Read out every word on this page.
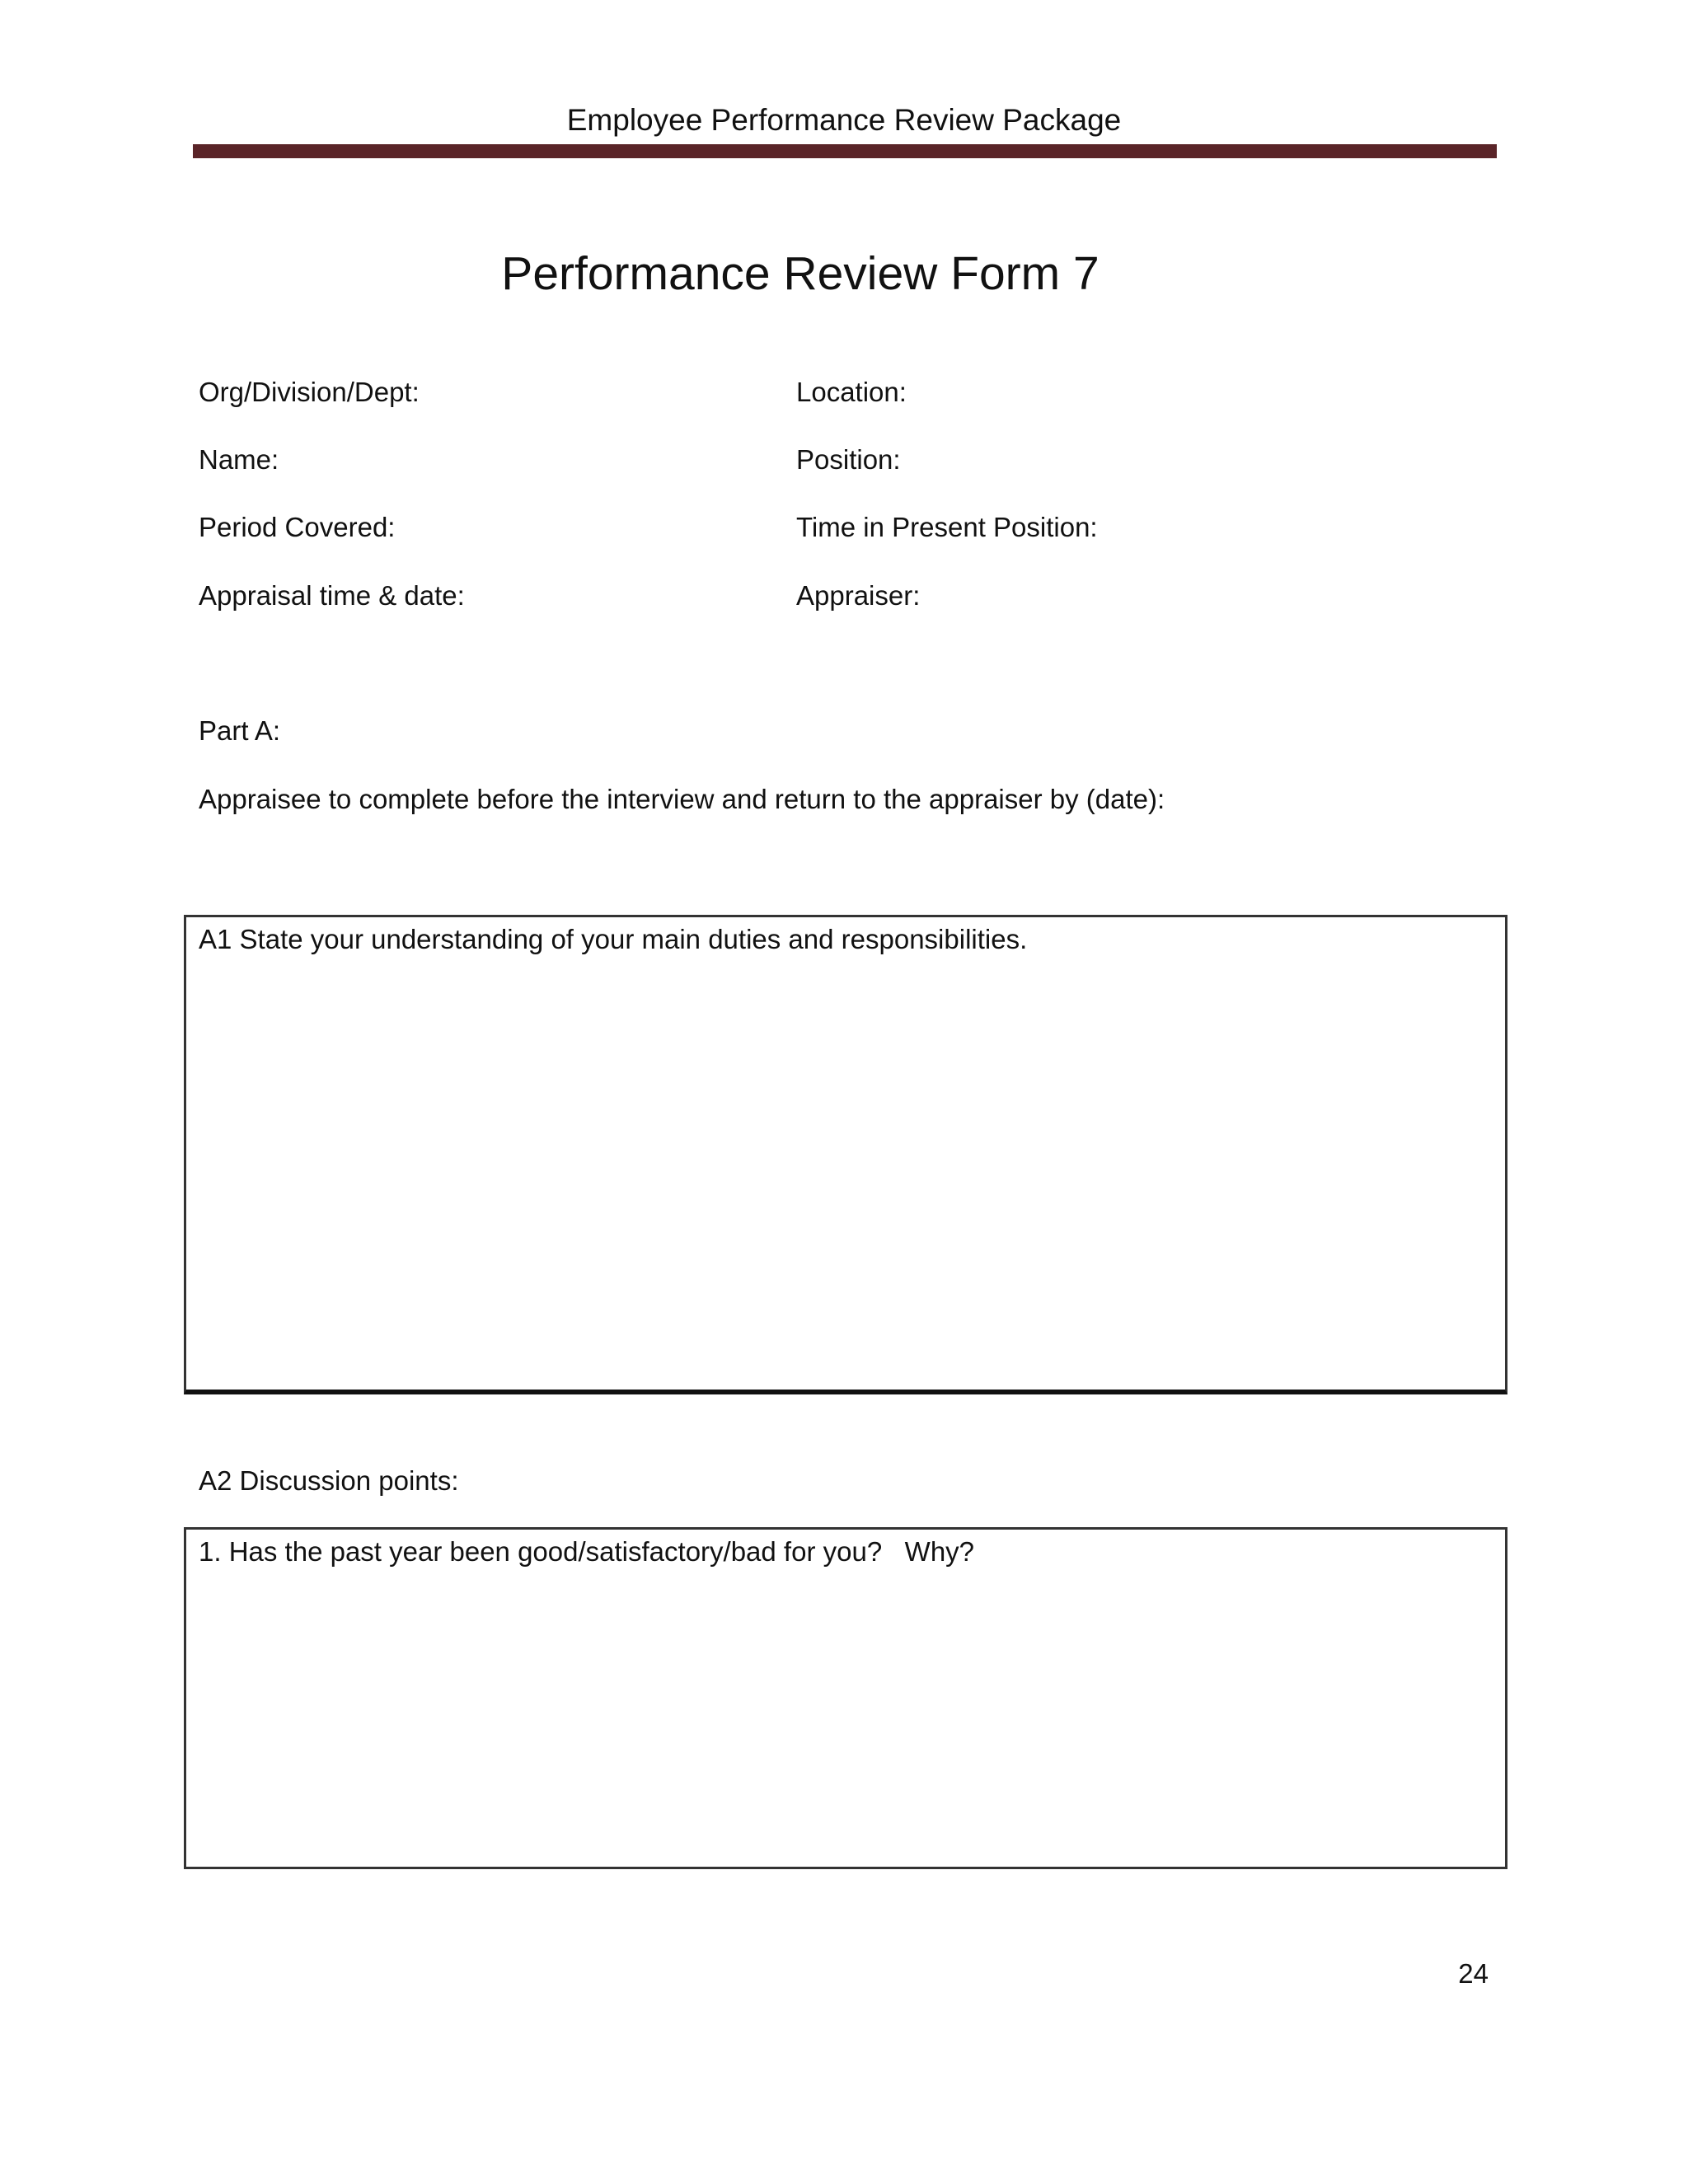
Employee Performance Review Package
Performance Review Form 7
Org/Division/Dept:	Location:
Name:	Position:
Period Covered:	Time in Present Position:
Appraisal time & date:	Appraiser:
Part A:
Appraisee to complete before the interview and return to the appraiser by (date):
A1 State your understanding of your main duties and responsibilities.
A2 Discussion points:
1. Has the past year been good/satisfactory/bad for you?   Why?
24
